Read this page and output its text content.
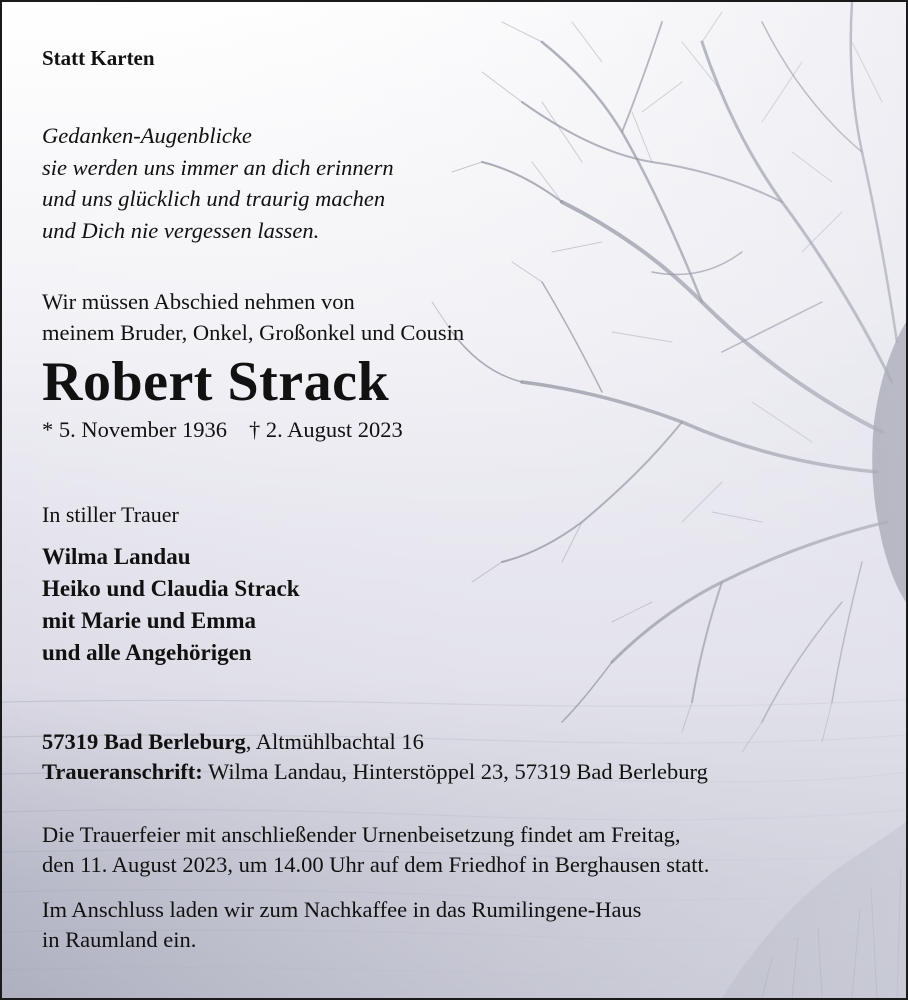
Statt Karten
Gedanken-Augenblicke
sie werden uns immer an dich erinnern
und uns glücklich und traurig machen
und Dich nie vergessen lassen.
Wir müssen Abschied nehmen von
meinem Bruder, Onkel, Großonkel und Cousin
Robert Strack
* 5. November 1936 † 2. August 2023
In stiller Trauer
Wilma Landau
Heiko und Claudia Strack
mit Marie und Emma
und alle Angehörigen
57319 Bad Berleburg, Altmühlbachtal 16
Traueranschrift: Wilma Landau, Hinterstöppel 23, 57319 Bad Berleburg
Die Trauerfeier mit anschließender Urnenbeisetzung findet am Freitag,
den 11. August 2023, um 14.00 Uhr auf dem Friedhof in Berghausen statt.
Im Anschluss laden wir zum Nachkaffee in das Rumilingene-Haus
in Raumland ein.
